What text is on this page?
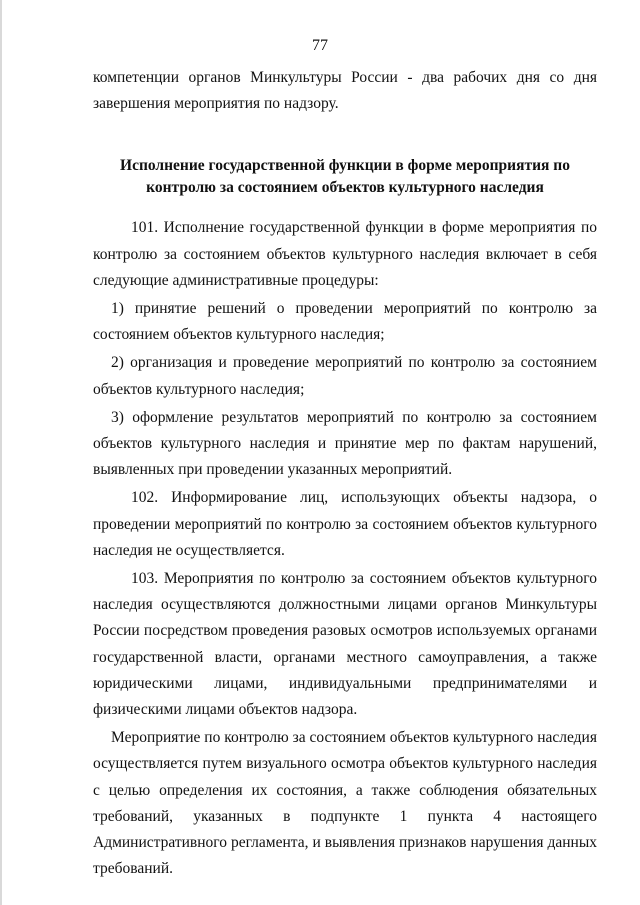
77

компетенции органов Минкультуры России - два рабочих дня со дня завершения мероприятия по надзору.

Исполнение государственной функции в форме мероприятия по контролю за состоянием объектов культурного наследия

101. Исполнение государственной функции в форме мероприятия по контролю за состоянием объектов культурного наследия включает в себя следующие административные процедуры:

1) принятие решений о проведении мероприятий по контролю за состоянием объектов культурного наследия;

2) организация и проведение мероприятий по контролю за состоянием объектов культурного наследия;

3) оформление результатов мероприятий по контролю за состоянием объектов культурного наследия и принятие мер по фактам нарушений, выявленных при проведении указанных мероприятий.

102. Информирование лиц, использующих объекты надзора, о проведении мероприятий по контролю за состоянием объектов культурного наследия не осуществляется.

103. Мероприятия по контролю за состоянием объектов культурного наследия осуществляются должностными лицами органов Минкультуры России посредством проведения разовых осмотров используемых органами государственной власти, органами местного самоуправления, а также юридическими лицами, индивидуальными предпринимателями и физическими лицами объектов надзора.

Мероприятие по контролю за состоянием объектов культурного наследия осуществляется путем визуального осмотра объектов культурного наследия с целью определения их состояния, а также соблюдения обязательных требований, указанных в подпункте 1 пункта 4 настоящего Административного регламента, и выявления признаков нарушения данных требований.
